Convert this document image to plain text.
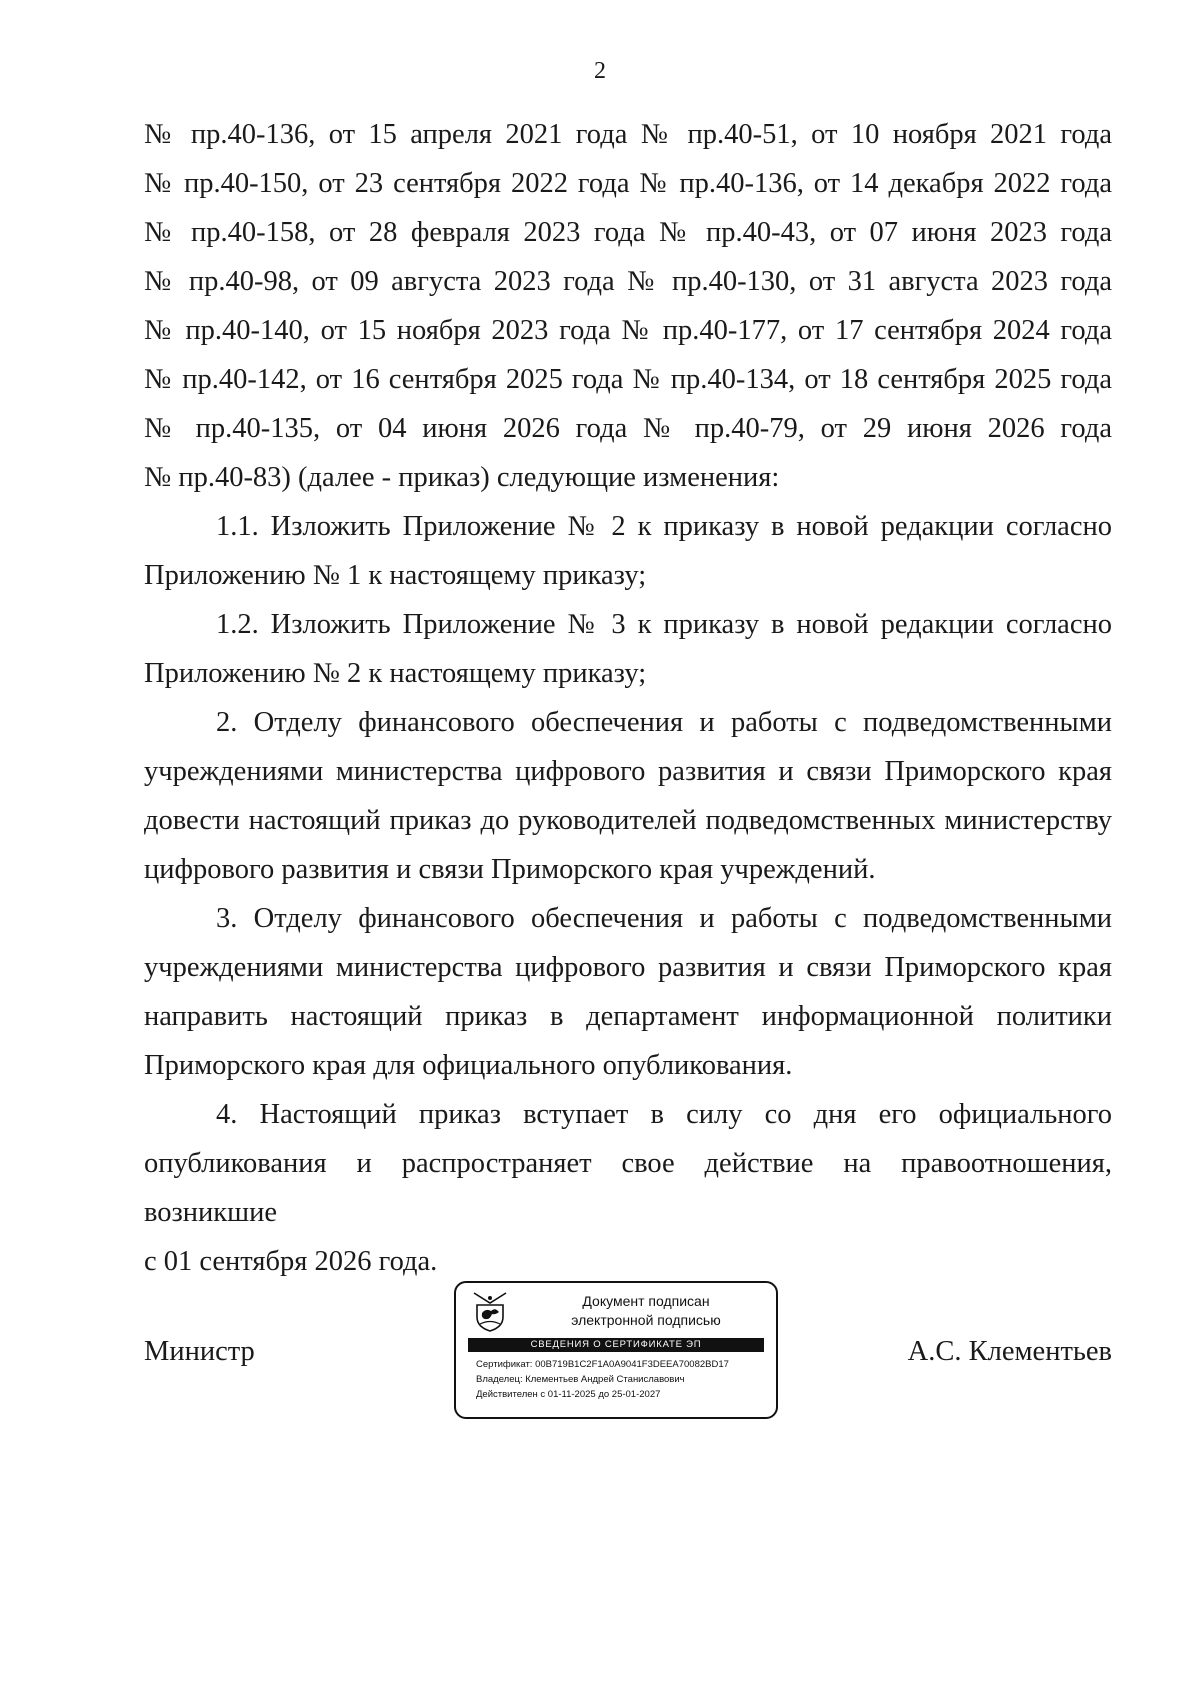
2

№ пр.40-136, от 15 апреля 2021 года № пр.40-51, от 10 ноября 2021 года
№ пр.40-150, от 23 сентября 2022 года № пр.40-136, от 14 декабря 2022 года
№ пр.40-158, от 28 февраля 2023 года № пр.40-43, от 07 июня 2023 года
№ пр.40-98, от 09 августа 2023 года № пр.40-130, от 31 августа 2023 года
№ пр.40-140, от 15 ноября 2023 года № пр.40-177, от 17 сентября 2024 года
№ пр.40-142, от 16 сентября 2025 года № пр.40-134, от 18 сентября 2025 года
№ пр.40-135, от 04 июня 2026 года № пр.40-79, от 29 июня 2026 года
№ пр.40-83) (далее - приказ) следующие изменения:

1.1. Изложить Приложение № 2 к приказу в новой редакции согласно
Приложению № 1 к настоящему приказу;

1.2. Изложить Приложение № 3 к приказу в новой редакции согласно
Приложению № 2 к настоящему приказу;

2. Отделу финансового обеспечения и работы с подведомственными
учреждениями министерства цифрового развития и связи Приморского края
довести настоящий приказ до руководителей подведомственных министерству
цифрового развития и связи Приморского края учреждений.

3. Отделу финансового обеспечения и работы с подведомственными
учреждениями министерства цифрового развития и связи Приморского края
направить настоящий приказ в департамент информационной политики
Приморского края для официального опубликования.

4. Настоящий приказ вступает в силу со дня его официального
опубликования и распространяет свое действие на правоотношения, возникшие
с 01 сентября 2026 года.

Министр	А.С. Клементьев
Документ подписан
электронной подписью
СВЕДЕНИЯ О СЕРТИФИКАТЕ ЭП
Сертификат: 00B719B1C2F1A0A9041F3DEEA70082BD17
Владелец: Клементьев Андрей Станиславович
Действителен с 01-11-2025 до 25-01-2027
